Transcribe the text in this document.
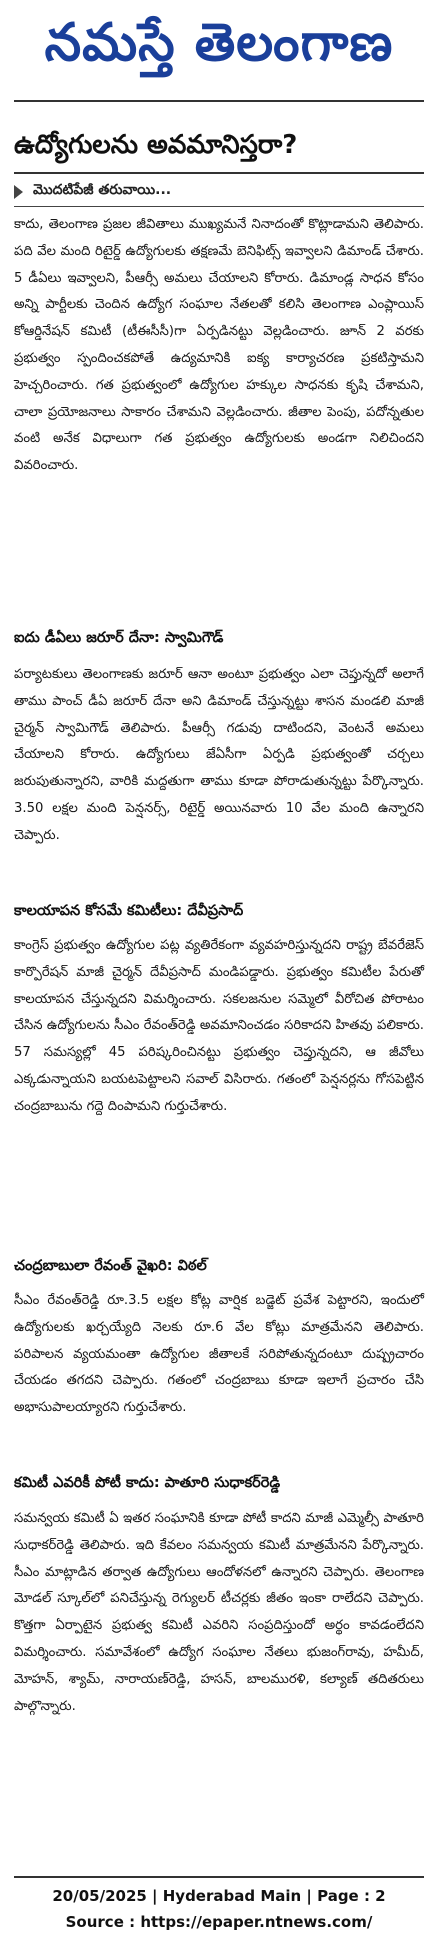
నమస్తే తెలంగాణ
ఉద్యోగులను అవమానిస్తరా?
మొదటిపేజీ తరువాయి...
కాదు, తెలంగాణ ప్రజల జీవితాలు ముఖ్యమనే నినాదంతో కొట్లాడామని తెలిపారు. పది వేల మంది రిటైర్డ్ ఉద్యోగులకు తక్షణమే బెనిఫిట్స్ ఇవ్వాలని డిమాండ్ చేశారు. 5 డీఏలు ఇవ్వాలని, పీఆర్సీ అమలు చేయాలని కోరారు. డిమాండ్ల సాధన కోసం అన్ని పార్టీలకు చెందిన ఉద్యోగ సంఘాల నేతలతో కలిసి తెలంగాణ ఎంప్లాయిస్ కోఆర్డినేషన్ కమిటీ (టీఈసీసీ)గా ఏర్పడినట్టు వెల్లడించారు. జూన్ 2 వరకు ప్రభుత్వం స్పందించకపోతే ఉద్యమానికి ఐక్య కార్యాచరణ ప్రకటిస్తామని హెచ్చరించారు. గత ప్రభుత్వంలో ఉద్యోగుల హక్కుల సాధనకు కృషి చేశామని, చాలా ప్రయోజనాలు సాకారం చేశామని వెల్లడించారు. జీతాల పెంపు, పదోన్నతుల వంటి అనేక విధాలుగా గత ప్రభుత్వం ఉద్యోగులకు అండగా నిలిచిందని వివరించారు.
ఐదు డీఏలు జరూర్ దేనా: స్వామిగౌడ్
పర్యాటకులు తెలంగాణకు జరూర్ ఆనా అంటూ ప్రభుత్వం ఎలా చెప్తున్నదో అలాగే తాము పాంచ్ డీఏ జరూర్ దేనా అని డిమాండ్ చేస్తున్నట్టు శాసన మండలి మాజీ చైర్మన్ స్వామిగౌడ్ తెలిపారు. పీఆర్సీ గడువు దాటిందని, వెంటనే అమలు చేయాలని కోరారు. ఉద్యోగులు జేఏసీగా ఏర్పడి ప్రభుత్వంతో చర్చలు జరుపుతున్నారని, వారికి మద్దతుగా తాము కూడా పోరాడుతున్నట్టు పేర్కొన్నారు. 3.50 లక్షల మంది పెన్షనర్స్, రిటైర్డ్ అయినవారు 10 వేల మంది ఉన్నారని చెప్పారు.
కాలయాపన కోసమే కమిటీలు: దేవీప్రసాద్
కాంగ్రెస్ ప్రభుత్వం ఉద్యోగుల పట్ల వ్యతిరేకంగా వ్యవహరిస్తున్నదని రాష్ట్ర బేవరేజెస్ కార్పొరేషన్ మాజీ చైర్మన్ దేవీప్రసాద్ మండిపడ్డారు. ప్రభుత్వం కమిటీల పేరుతో కాలయాపన చేస్తున్నదని విమర్శించారు. సకలజనుల సమ్మెలో వీరోచిత పోరాటం చేసిన ఉద్యోగులను సీఎం రేవంత్‌రెడ్డి అవమానించడం సరికాదని హితవు పలికారు. 57 సమస్యల్లో 45 పరిష్కరించినట్టు ప్రభుత్వం చెప్తున్నదని, ఆ జీవోలు ఎక్కడున్నాయని బయటపెట్టాలని సవాల్ విసిరారు. గతంలో పెన్షనర్లను గోసపెట్టిన చంద్రబాబును గద్దె దింపామని గుర్తుచేశారు.
చంద్రబాబులా రేవంత్ వైఖరి: విఠల్
సీఎం రేవంత్‌రెడ్డి రూ.3.5 లక్షల కోట్ల వార్షిక బడ్జెట్ ప్రవేశ పెట్టారని, ఇందులో ఉద్యోగులకు ఖర్చయ్యేది నెలకు రూ.6 వేల కోట్లు మాత్రమేనని తెలిపారు. పరిపాలన వ్యయమంతా ఉద్యోగుల జీతాలకే సరిపోతున్నదంటూ దుష్ప్రచారం చేయడం తగదని చెప్పారు. గతంలో చంద్రబాబు కూడా ఇలాగే ప్రచారం చేసి అభాసుపాలయ్యారని గుర్తుచేశారు.
కమిటీ ఎవరికీ పోటీ కాదు: పాతూరి సుధాకర్‌రెడ్డి
సమన్వయ కమిటీ ఏ ఇతర సంఘానికి కూడా పోటీ కాదని మాజీ ఎమ్మెల్సీ పాతూరి సుధాకర్‌రెడ్డి తెలిపారు. ఇది కేవలం సమన్వయ కమిటీ మాత్రమేనని పేర్కొన్నారు. సీఎం మాట్లాడిన తర్వాత ఉద్యోగులు ఆందోళనలో ఉన్నారని చెప్పారు. తెలంగాణ మోడల్ స్కూల్‌లో పనిచేస్తున్న రెగ్యులర్ టీచర్లకు జీతం ఇంకా రాలేదని చెప్పారు. కొత్తగా ఏర్పాటైన ప్రభుత్వ కమిటీ ఎవరిని సంప్రదిస్తుందో అర్థం కావడంలేదని విమర్శించారు. సమావేశంలో ఉద్యోగ సంఘాల నేతలు భుజంగ్‌రావు, హమీద్, మోహన్, శ్యామ్, నారాయణ్‌రెడ్డి, హసన్, బాలమురళి, కల్యాణ్ తదితరులు పాల్గొన్నారు.
20/05/2025 | Hyderabad Main | Page : 2
Source : https://epaper.ntnews.com/
